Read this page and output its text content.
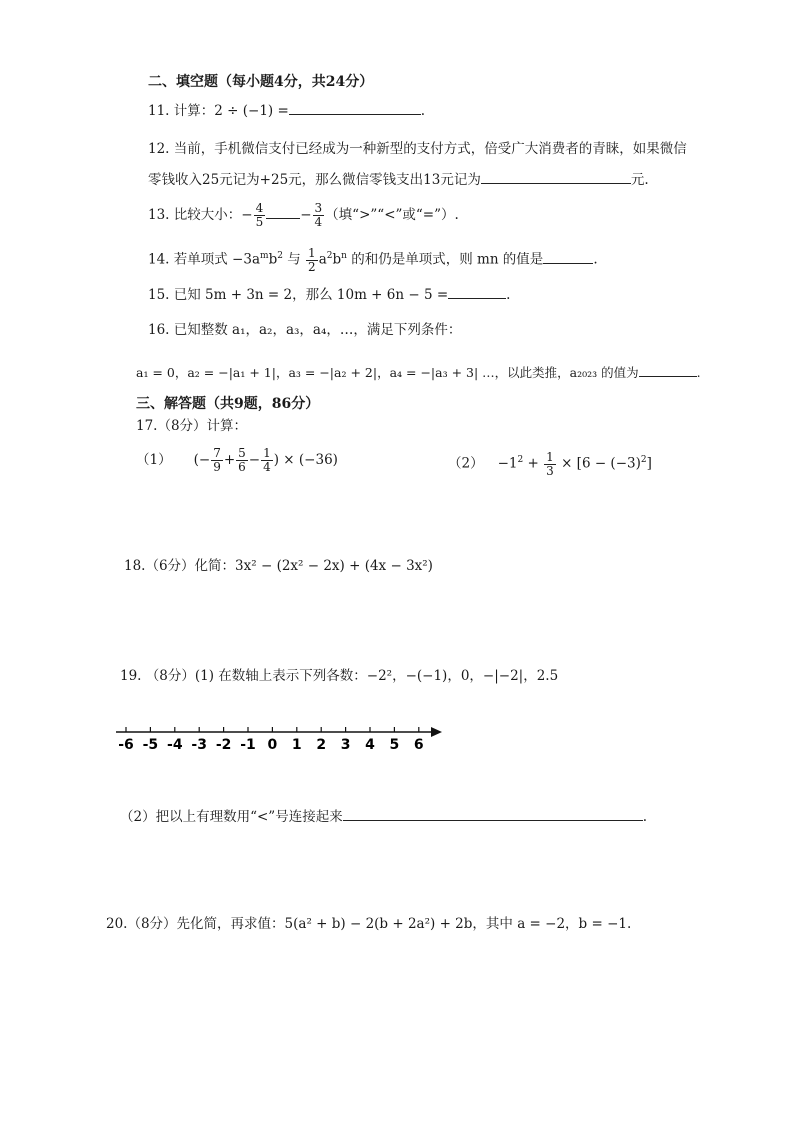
二、填空题（每小题4分，共24分）
11. 计算：2 ÷ (−1) =	.
12. 当前，手机微信支付已经成为一种新型的支付方式，倍受广大消费者的青睐，如果微信
零钱收入25元记为+25元，那么微信零钱支出13元记为	元.
13. 比较大小：− $\frac{4}{5}$	− $\frac{3}{4}$ （填“>”“<”或“=”）.
14. 若单项式 $-3a^mb^2$ 与 $\frac{1}{2} a^2b^n$ 的和仍是单项式，则 mn 的值是	.
15. 已知 5m + 3n = 2，那么 10m + 6n − 5 =	.
16. 已知整数 a₁，a₂，a₃，a₄，…，满足下列条件：
a₁ = 0，a₂ = −|a₁ + 1|，a₃ = −|a₂ + 2|，a₄ = −|a₃ + 3| …，以此类推，a₂₀₂₃ 的值为	.
三、解答题（共9题，86分）
17.（8分）计算：
（1） (− $\frac{7}{9} + \frac{5}{6} - \frac{1}{4}$ ) × (−36)	$(2) -1^2 + \frac{1}{3} \times [6 - (-3)^2]$
18.（6分）化简：3x² − (2x² − 2x) + (4x − 3x²)
19. （8分）(1) 在数轴上表示下列各数：−2²，−(−1)，0，−|−2|，2.5
-6 -5 -4 -3 -2 -1 0 1 2 3 4 5 6
（2）把以上有理数用“<”号连接起来	.
20.（8分）先化简，再求值：5(a² + b) − 2(b + 2a²) + 2b，其中 a = −2，b = −1.
